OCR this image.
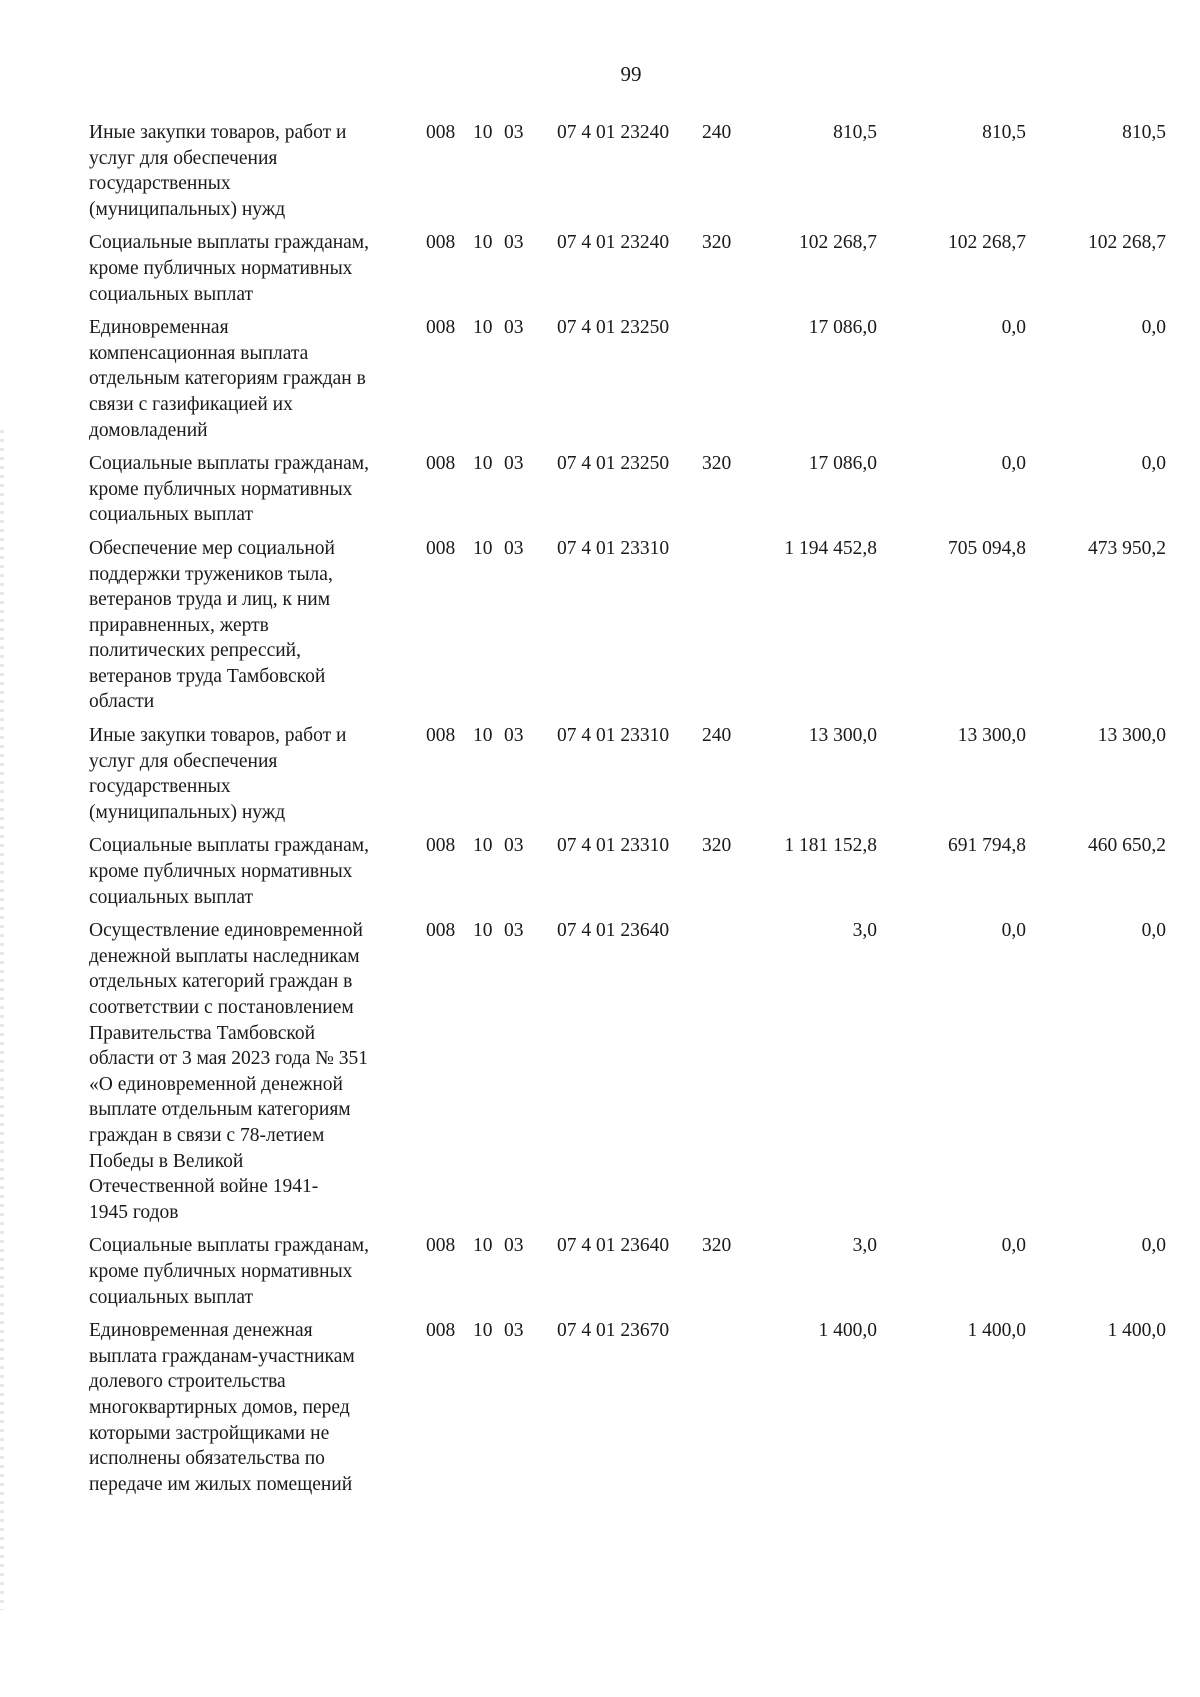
99
Иные закупки товаров, работ и
услуг для обеспечения
государственных
(муниципальных) нужд
008 10 03 07 4 01 23240 240	810,5	810,5	810,5
Социальные выплаты гражданам,
кроме публичных нормативных
социальных выплат
008 10 03 07 4 01 23240 320	102 268,7	102 268,7	102 268,7
Единовременная
компенсационная выплата
отдельным категориям граждан в
связи с газификацией их
домовладений
008 10 03 07 4 01 23250	17 086,0	0,0	0,0
Социальные выплаты гражданам,
кроме публичных нормативных
социальных выплат
008 10 03 07 4 01 23250 320	17 086,0	0,0	0,0
Обеспечение мер социальной
поддержки тружеников тыла,
ветеранов труда и лиц, к ним
приравненных, жертв
политических репрессий,
ветеранов труда Тамбовской
области
008 10 03 07 4 01 23310	1 194 452,8	705 094,8	473 950,2
Иные закупки товаров, работ и
услуг для обеспечения
государственных
(муниципальных) нужд
008 10 03 07 4 01 23310 240	13 300,0	13 300,0	13 300,0
Социальные выплаты гражданам,
кроме публичных нормативных
социальных выплат
008 10 03 07 4 01 23310 320	1 181 152,8	691 794,8	460 650,2
Осуществление единовременной
денежной выплаты наследникам
отдельных категорий граждан в
соответствии с постановлением
Правительства Тамбовской
области от 3 мая 2023 года № 351
«О единовременной денежной
выплате отдельным категориям
граждан в связи с 78-летием
Победы в Великой
Отечественной войне 1941-
1945 годов
008 10 03 07 4 01 23640	3,0	0,0	0,0
Социальные выплаты гражданам,
кроме публичных нормативных
социальных выплат
008 10 03 07 4 01 23640 320	3,0	0,0	0,0
Единовременная денежная
выплата гражданам-участникам
долевого строительства
многоквартирных домов, перед
которыми застройщиками не
исполнены обязательства по
передаче им жилых помещений
008 10 03 07 4 01 23670	1 400,0	1 400,0	1 400,0
